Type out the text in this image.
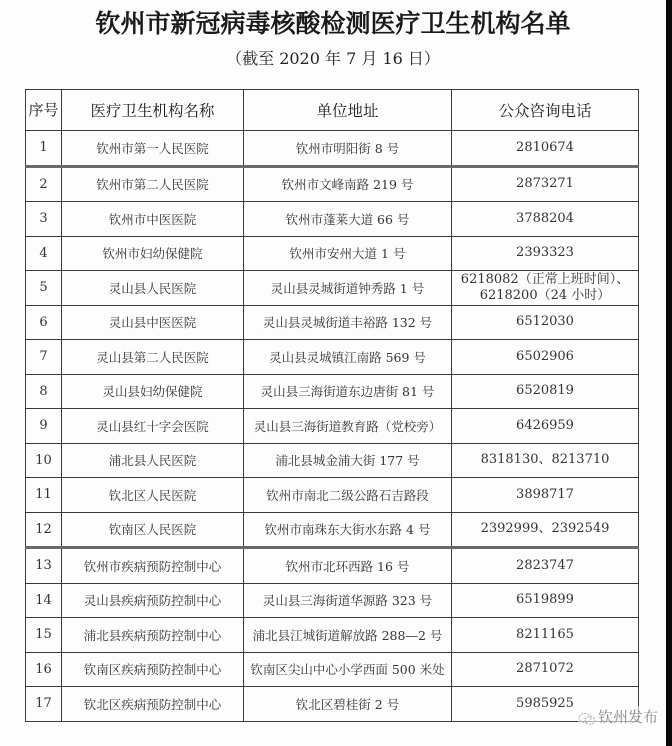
钦州市新冠病毒核酸检测医疗卫生机构名单
（截至 2020 年 7 月 16 日）
序号	医疗卫生机构名称	单位地址	公众咨询电话
1	钦州市第一人民医院	钦州市明阳街 8 号	2810674
2	钦州市第二人民医院	钦州市文峰南路 219 号	2873271
3	钦州市中医医院	钦州市蓬莱大道 66 号	3788204
4	钦州市妇幼保健院	钦州市安州大道 1 号	2393323
5	灵山县人民医院	灵山县灵城街道钟秀路 1 号	6218082（正常上班时间）、
6218200（24 小时）

6	灵山县中医医院	灵山县灵城街道丰裕路 132 号	6512030
7	灵山县第二人民医院	灵山县灵城镇江南路 569 号	6502906
8	灵山县妇幼保健院	灵山县三海街道东边唐街 81 号	6520819
9	灵山县红十字会医院	灵山县三海街道教育路（党校旁）	6426959
10	浦北县人民医院	浦北县城金浦大街 177 号	8318130、8213710
11	钦北区人民医院	钦州市南北二级公路石吉路段	3898717
12	钦南区人民医院	钦州市南珠东大街水东路 4 号	2392999、2392549
13	钦州市疾病预防控制中心	钦州市北环西路 16 号	2823747
14	灵山县疾病预防控制中心	灵山县三海街道华源路 323 号	6519899
15	浦北县疾病预防控制中心	浦北县江城街道解放路 288—2 号	8211165
16	钦南区疾病预防控制中心	钦南区尖山中心小学西面 500 米处	2871072
17	钦北区疾病预防控制中心	钦北区碧桂街 2 号	5985925
钦州发布
